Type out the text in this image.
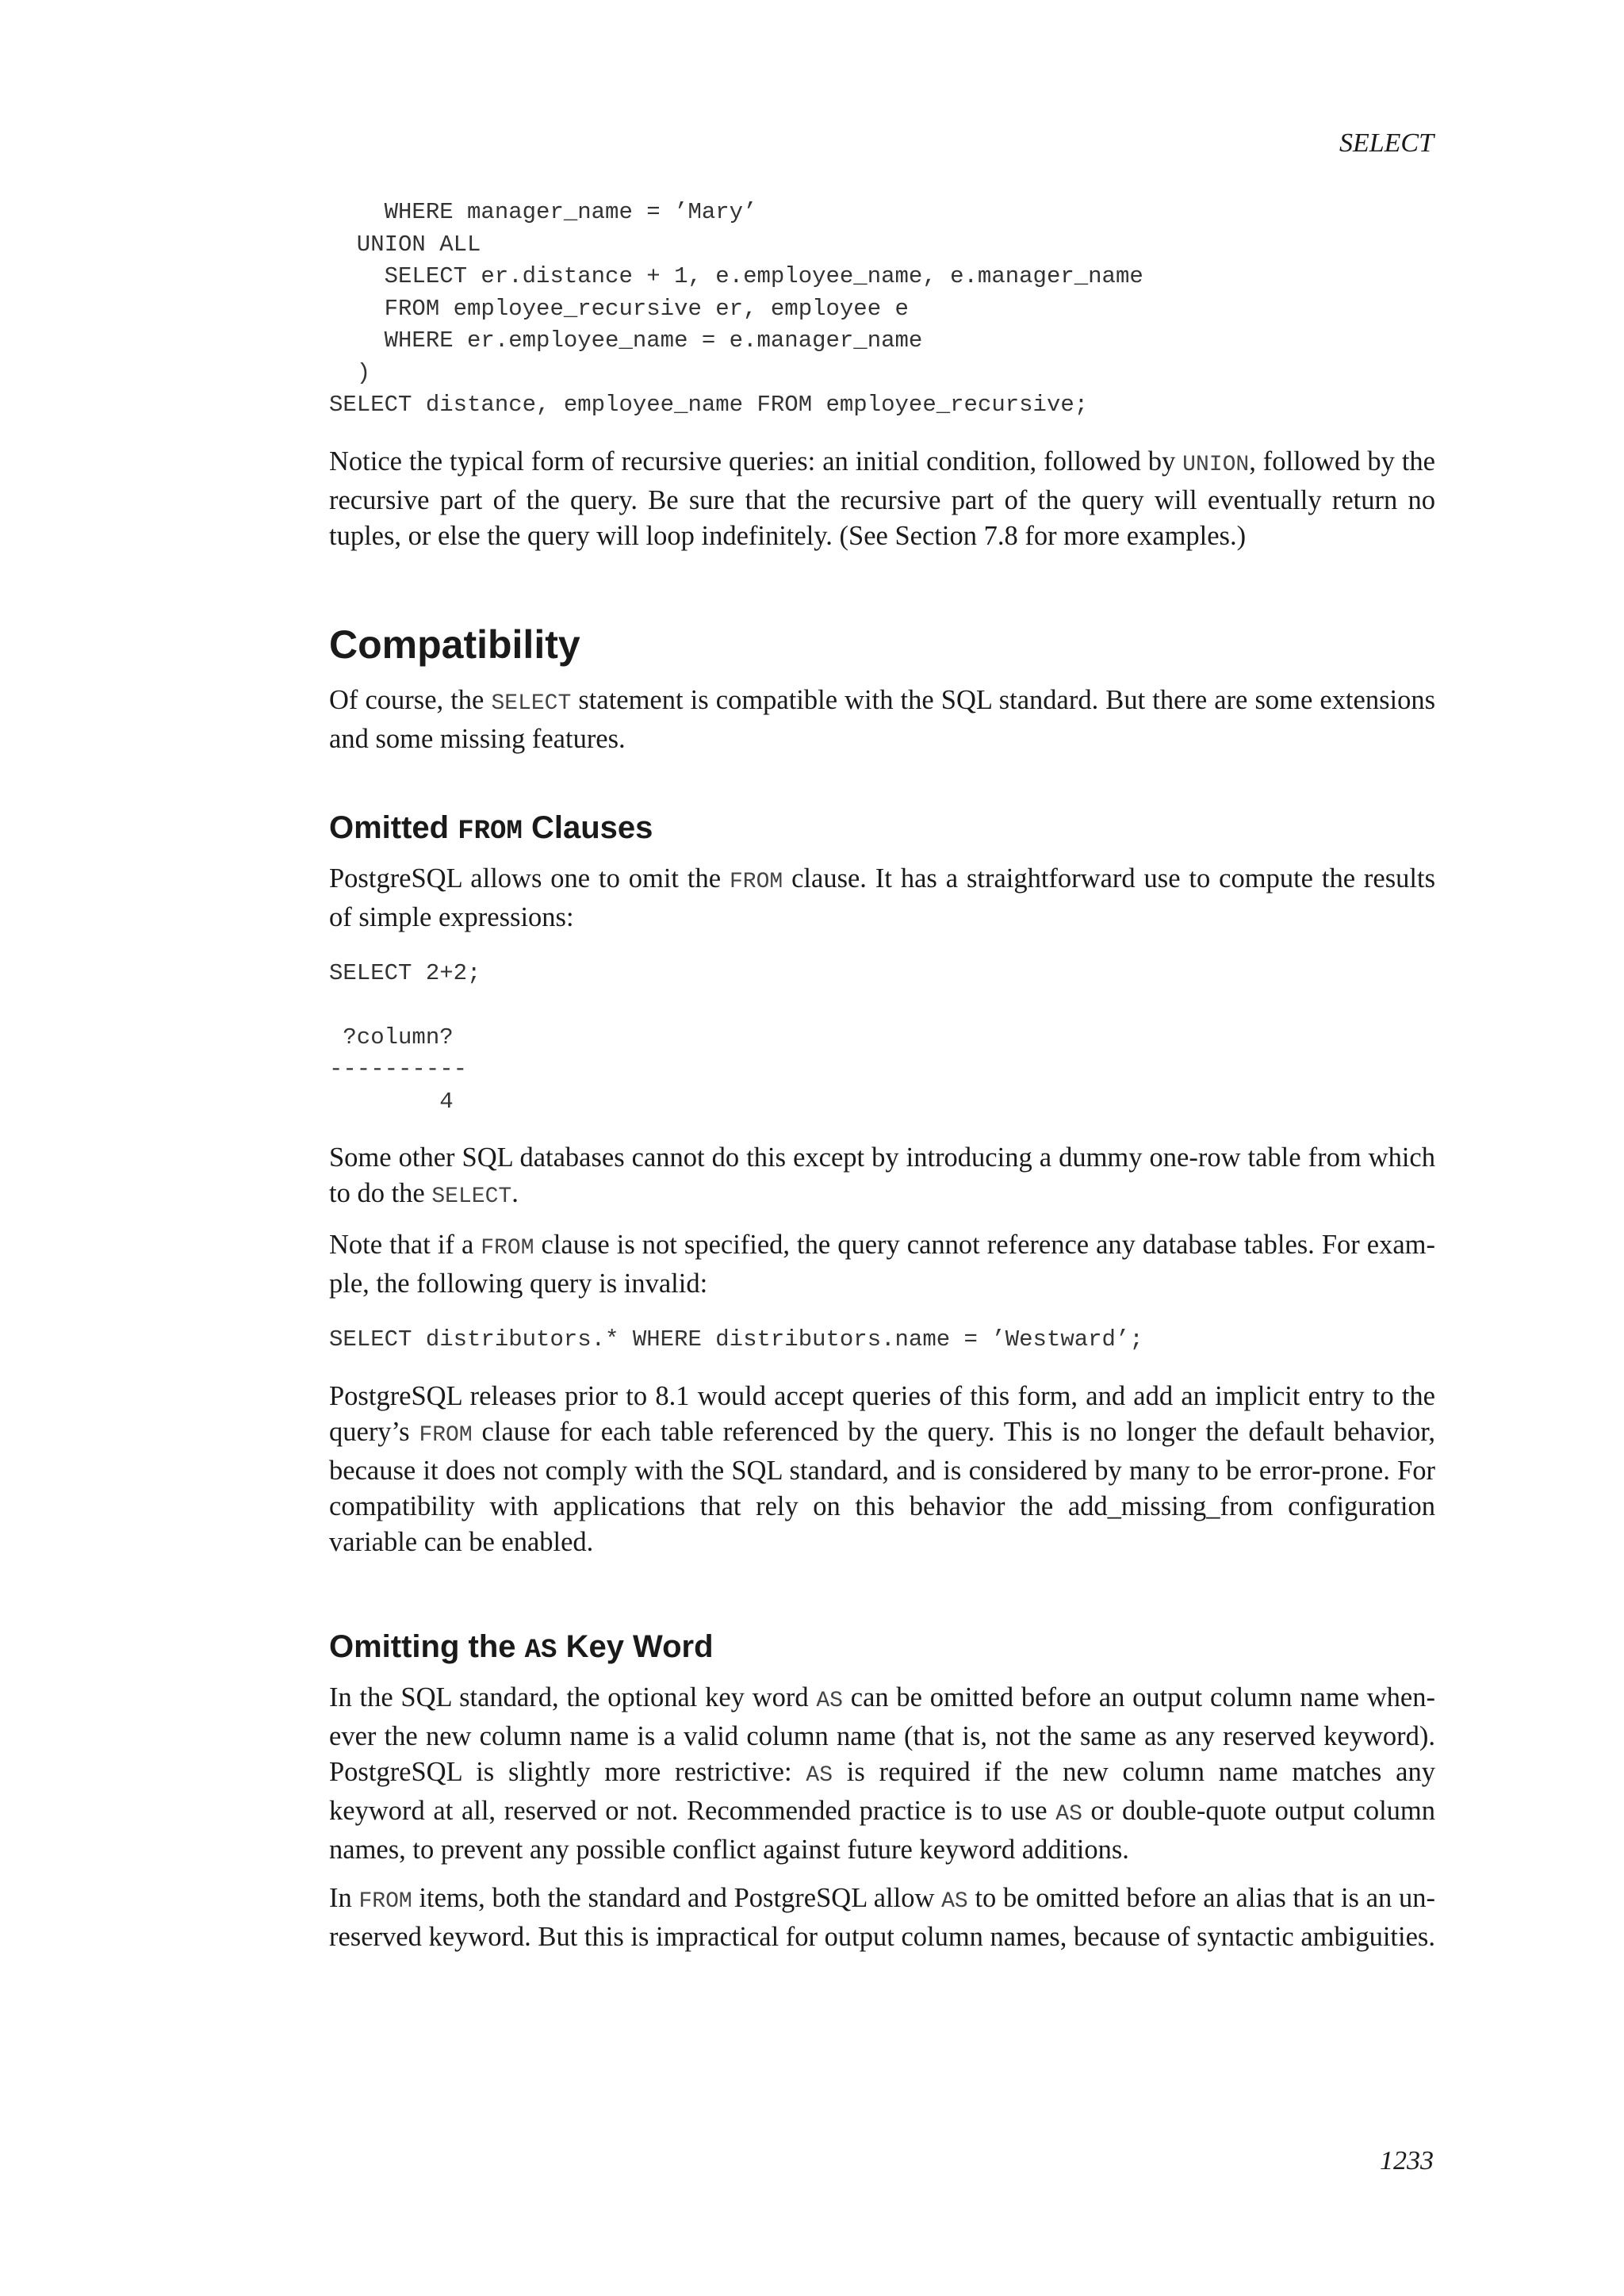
SELECT
WHERE manager_name = ’Mary’
UNION ALL
SELECT er.distance + 1, e.employee_name, e.manager_name
FROM employee_recursive er, employee e
WHERE er.employee_name = e.manager_name
)
SELECT distance, employee_name FROM employee_recursive;

Notice the typical form of recursive queries: an initial condition, followed by UNION, followed by the recursive part of the query. Be sure that the recursive part of the query will eventually return no tuples, or else the query will loop indefinitely. (See Section 7.8 for more examples.)

Compatibility

Of course, the SELECT statement is compatible with the SQL standard. But there are some extensions and some missing features.

Omitted FROM Clauses

PostgreSQL allows one to omit the FROM clause. It has a straightforward use to compute the results of simple expressions:

SELECT 2+2;

?column?
----------
4

Some other SQL databases cannot do this except by introducing a dummy one-row table from which to do the SELECT.

Note that if a FROM clause is not specified, the query cannot reference any database tables. For example, the following query is invalid:

SELECT distributors.* WHERE distributors.name = ’Westward’;

PostgreSQL releases prior to 8.1 would accept queries of this form, and add an implicit entry to the query’s FROM clause for each table referenced by the query. This is no longer the default behavior, because it does not comply with the SQL standard, and is considered by many to be error-prone. For compatibility with applications that rely on this behavior the add_missing_from configuration variable can be enabled.

Omitting the AS Key Word

In the SQL standard, the optional key word AS can be omitted before an output column name whenever the new column name is a valid column name (that is, not the same as any reserved keyword). PostgreSQL is slightly more restrictive: AS is required if the new column name matches any keyword at all, reserved or not. Recommended practice is to use AS or double-quote output column names, to prevent any possible conflict against future keyword additions.

In FROM items, both the standard and PostgreSQL allow AS to be omitted before an alias that is an unreserved keyword. But this is impractical for output column names, because of syntactic ambiguities.

1233
